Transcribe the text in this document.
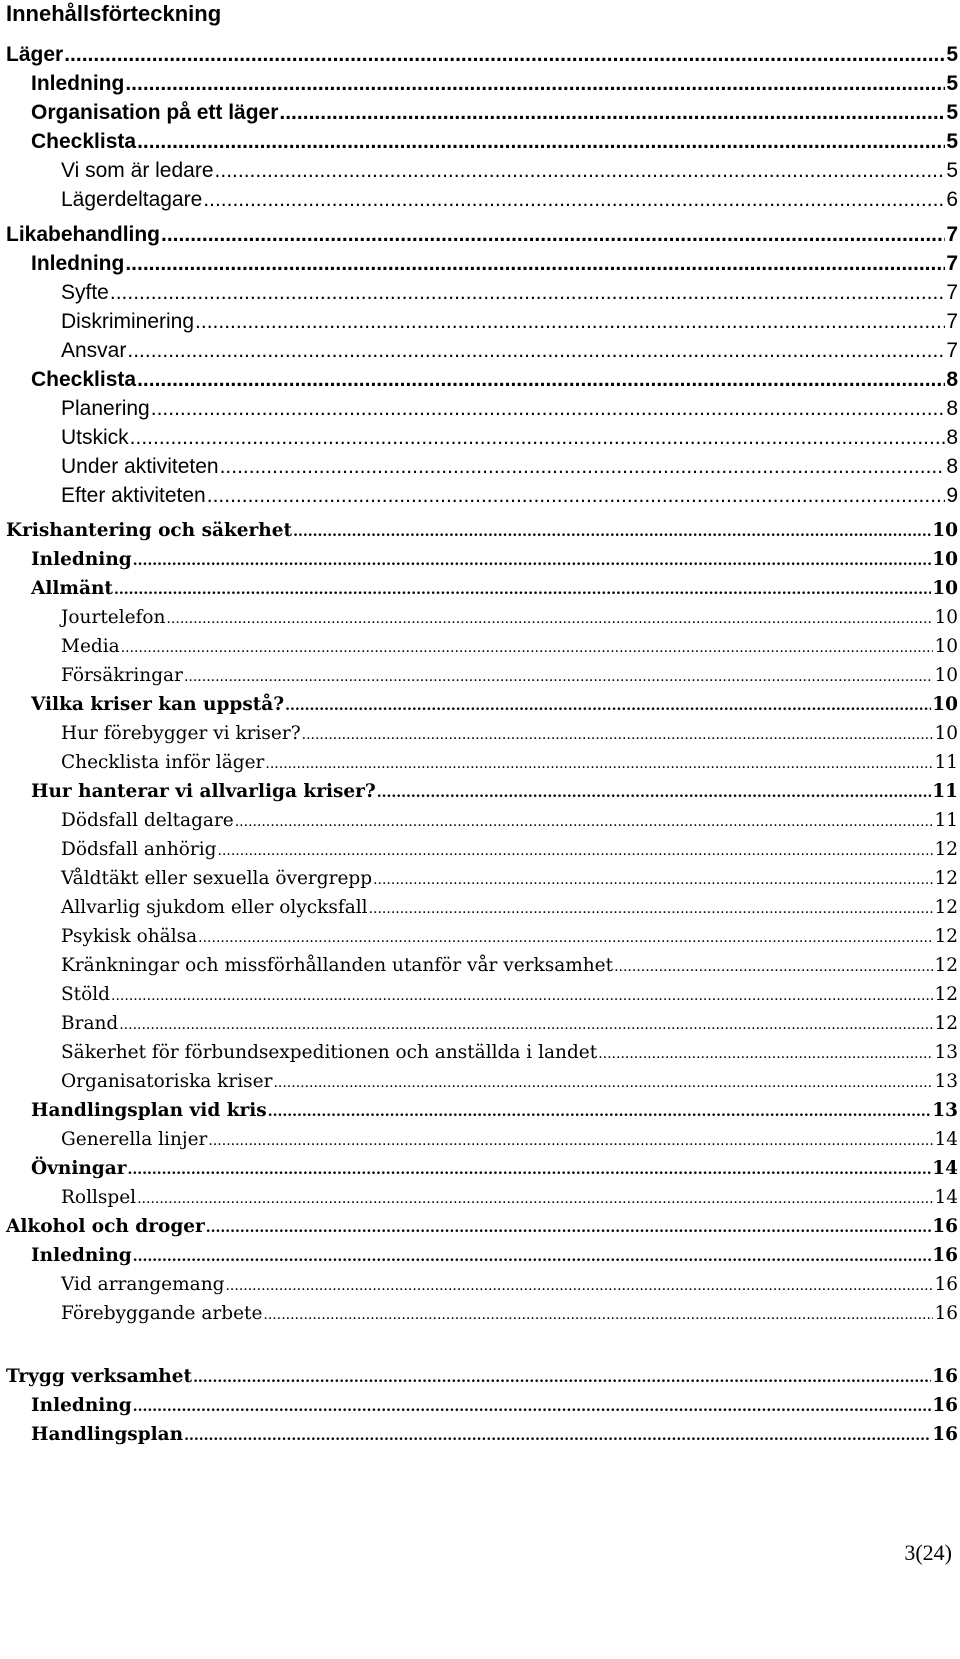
Innehållsförteckning
Läger .....	5
Inledning .....	5
Organisation på ett läger .....	5
Checklista .....	5
Vi som är ledare .....	5
Lägerdeltagare .....	6
Likabehandling .....	7
Inledning .....	7
Syfte .....	7
Diskriminering .....	7
Ansvar .....	7
Checklista .....	8
Planering .....	8
Utskick .....	8
Under aktiviteten .....	8
Efter aktiviteten .....	9
Krishantering och säkerhet .....	10
Inledning .....	10
Allmänt .....	10
Jourtelefon .....	10
Media .....	10
Försäkringar .....	10
Vilka kriser kan uppstå? .....	10
Hur förebygger vi kriser? .....	10
Checklista inför läger .....	11
Hur hanterar vi allvarliga kriser? .....	11
Dödsfall deltagare .....	11
Dödsfall anhörig .....	12
Våldtäkt eller sexuella övergrepp .....	12
Allvarlig sjukdom eller olycksfall .....	12
Psykisk ohälsa .....	12
Kränkningar och missförhållanden utanför vår verksamhet .....	12
Stöld .....	12
Brand .....	12
Säkerhet för förbundsexpeditionen och anställda i landet .....	13
Organisatoriska kriser .....	13
Handlingsplan vid kris .....	13
Generella linjer .....	14
Övningar .....	14
Rollspel .....	14
Alkohol och droger .....	16
Inledning .....	16
Vid arrangemang .....	16
Förebyggande arbete .....	16
Trygg verksamhet .....	16
Inledning .....	16
Handlingsplan .....	16
3(24)
